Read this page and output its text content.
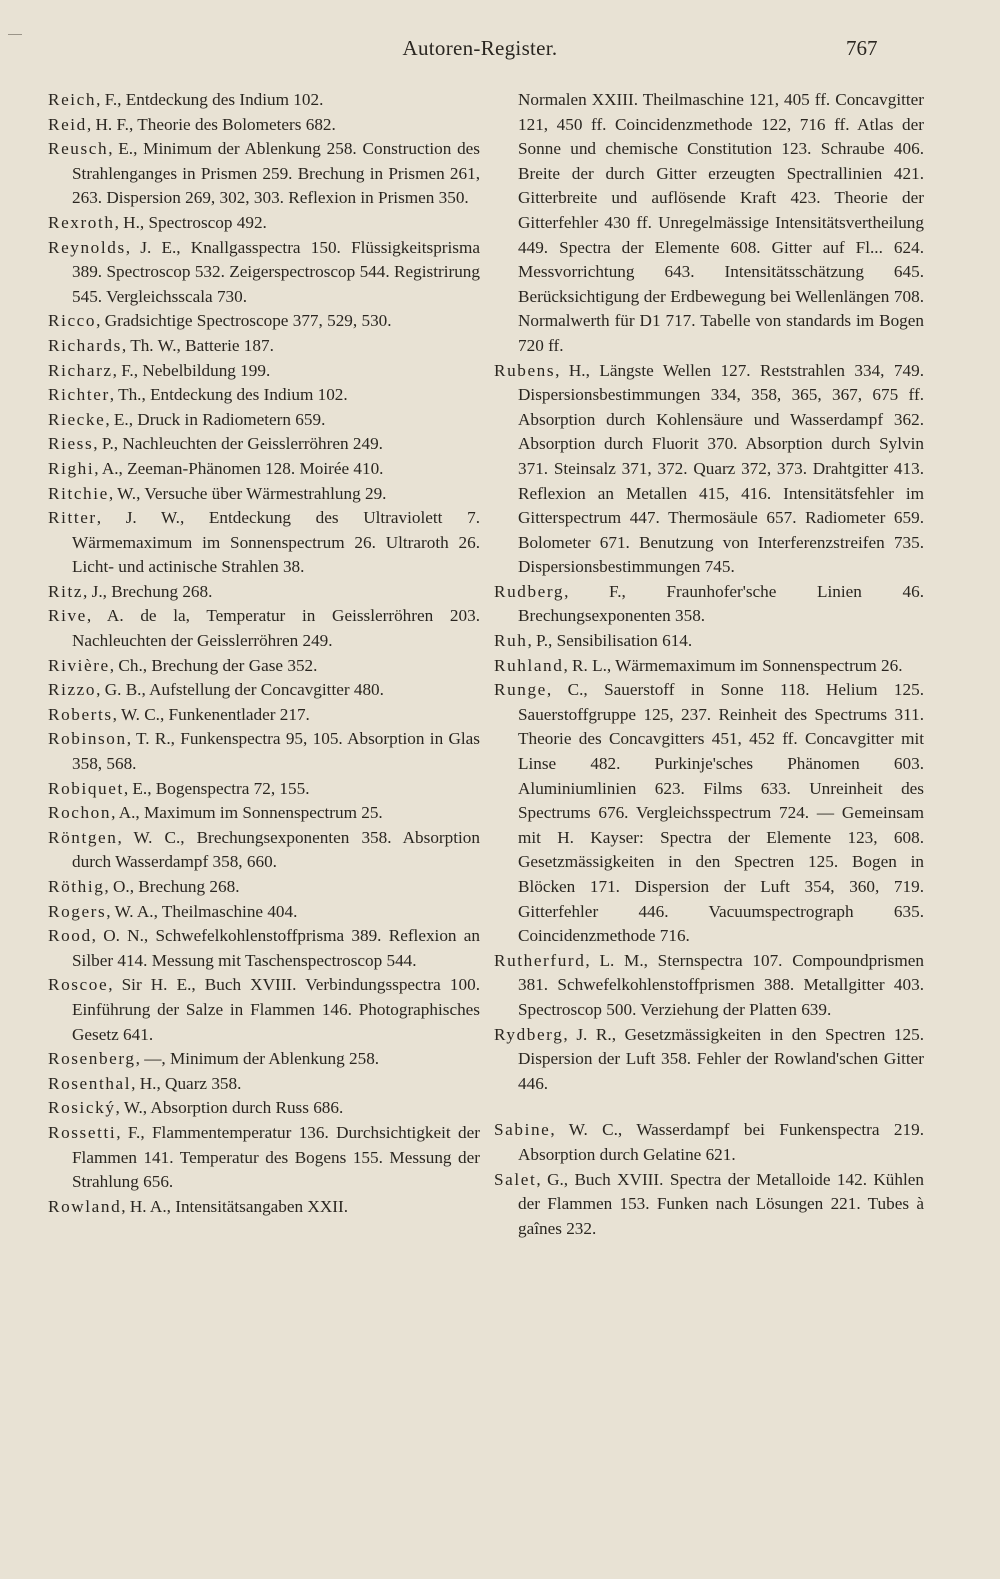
Autoren-Register.	767

Reich, F., Entdeckung des Indium 102.

Reid, H. F., Theorie des Bolometers 682.

Reusch, E., Minimum der Ablenkung 258. Construction des Strahlenganges in Prismen 259. Brechung in Prismen 261, 263. Dispersion 269, 302, 303. Reflexion in Prismen 350.

Rexroth, H., Spectroscop 492.

Reynolds, J. E., Knallgasspectra 150. Flüssigkeitsprisma 389. Spectroscop 532. Zeigerspectroscop 544. Registrirung 545. Vergleichsscala 730.

Ricco, Gradsichtige Spectroscope 377, 529, 530.

Richards, Th. W., Batterie 187.

Richarz, F., Nebelbildung 199.

Richter, Th., Entdeckung des Indium 102.

Riecke, E., Druck in Radiometern 659.

Riess, P., Nachleuchten der Geisslerröhren 249.

Righi, A., Zeeman-Phänomen 128. Moirée 410.

Ritchie, W., Versuche über Wärmestrahlung 29.

Ritter, J. W., Entdeckung des Ultraviolett 7. Wärmemaximum im Sonnenspectrum 26. Ultraroth 26. Licht- und actinische Strahlen 38.

Ritz, J., Brechung 268.

Rive, A. de la, Temperatur in Geisslerröhren 203. Nachleuchten der Geisslerröhren 249.

Rivière, Ch., Brechung der Gase 352.

Rizzo, G. B., Aufstellung der Concavgitter 480.

Roberts, W. C., Funkenentlader 217.

Robinson, T. R., Funkenspectra 95, 105. Absorption in Glas 358, 568.

Robiquet, E., Bogenspectra 72, 155.

Rochon, A., Maximum im Sonnenspectrum 25.

Röntgen, W. C., Brechungsexponenten 358. Absorption durch Wasserdampf 358, 660.

Röthig, O., Brechung 268.

Rogers, W. A., Theilmaschine 404.

Rood, O. N., Schwefelkohlenstoffprisma 389. Reflexion an Silber 414. Messung mit Taschenspectroscop 544.

Roscoe, Sir H. E., Buch XVIII. Verbindungsspectra 100. Einführung der Salze in Flammen 146. Photographisches Gesetz 641.

Rosenberg, —, Minimum der Ablenkung 258.

Rosenthal, H., Quarz 358.

Rosický, W., Absorption durch Russ 686.

Rossetti, F., Flammentemperatur 136. Durchsichtigkeit der Flammen 141. Temperatur des Bogens 155. Messung der Strahlung 656.

Rowland, H. A., Intensitätsangaben XXII.

Normalen XXIII. Theilmaschine 121, 405 ff. Concavgitter 121, 450 ff. Coincidenzmethode 122, 716 ff. Atlas der Sonne und chemische Constitution 123. Schraube 406. Breite der durch Gitter erzeugten Spectrallinien 421. Gitterbreite und auflösende Kraft 423. Theorie der Gitterfehler 430 ff. Unregelmässige Intensitätsvertheilung 449. Spectra der Elemente 608. Gitter auf Fl... 624. Messvorrichtung 643. Intensitätsschätzung 645. Berücksichtigung der Erdbewegung bei Wellenlängen 708. Normalwerth für D1 717. Tabelle von standards im Bogen 720 ff.

Rubens, H., Längste Wellen 127. Reststrahlen 334, 749. Dispersionsbestimmungen 334, 358, 365, 367, 675 ff. Absorption durch Kohlensäure und Wasserdampf 362. Absorption durch Fluorit 370. Absorption durch Sylvin 371. Steinsalz 371, 372. Quarz 372, 373. Drahtgitter 413. Reflexion an Metallen 415, 416. Intensitätsfehler im Gitterspectrum 447. Thermosäule 657. Radiometer 659. Bolometer 671. Benutzung von Interferenzstreifen 735. Dispersionsbestimmungen 745.

Rudberg, F., Fraunhofer'sche Linien 46. Brechungsexponenten 358.

Ruh, P., Sensibilisation 614.

Ruhland, R. L., Wärmemaximum im Sonnenspectrum 26.

Runge, C., Sauerstoff in Sonne 118. Helium 125. Sauerstoffgruppe 125, 237. Reinheit des Spectrums 311. Theorie des Concavgitters 451, 452 ff. Concavgitter mit Linse 482. Purkinje'sches Phänomen 603. Aluminiumlinien 623. Films 633. Unreinheit des Spectrums 676. Vergleichsspectrum 724. — Gemeinsam mit H. Kayser: Spectra der Elemente 123, 608. Gesetzmässigkeiten in den Spectren 125. Bogen in Blöcken 171. Dispersion der Luft 354, 360, 719. Gitterfehler 446. Vacuumspectrograph 635. Coincidenzmethode 716.

Rutherfurd, L. M., Sternspectra 107. Compoundprismen 381. Schwefelkohlenstoffprismen 388. Metallgitter 403. Spectroscop 500. Verziehung der Platten 639.

Rydberg, J. R., Gesetzmässigkeiten in den Spectren 125. Dispersion der Luft 358. Fehler der Rowland'schen Gitter 446.

Sabine, W. C., Wasserdampf bei Funkenspectra 219. Absorption durch Gelatine 621.

Salet, G., Buch XVIII. Spectra der Metalloide 142. Kühlen der Flammen 153. Funken nach Lösungen 221. Tubes à gaînes 232.
